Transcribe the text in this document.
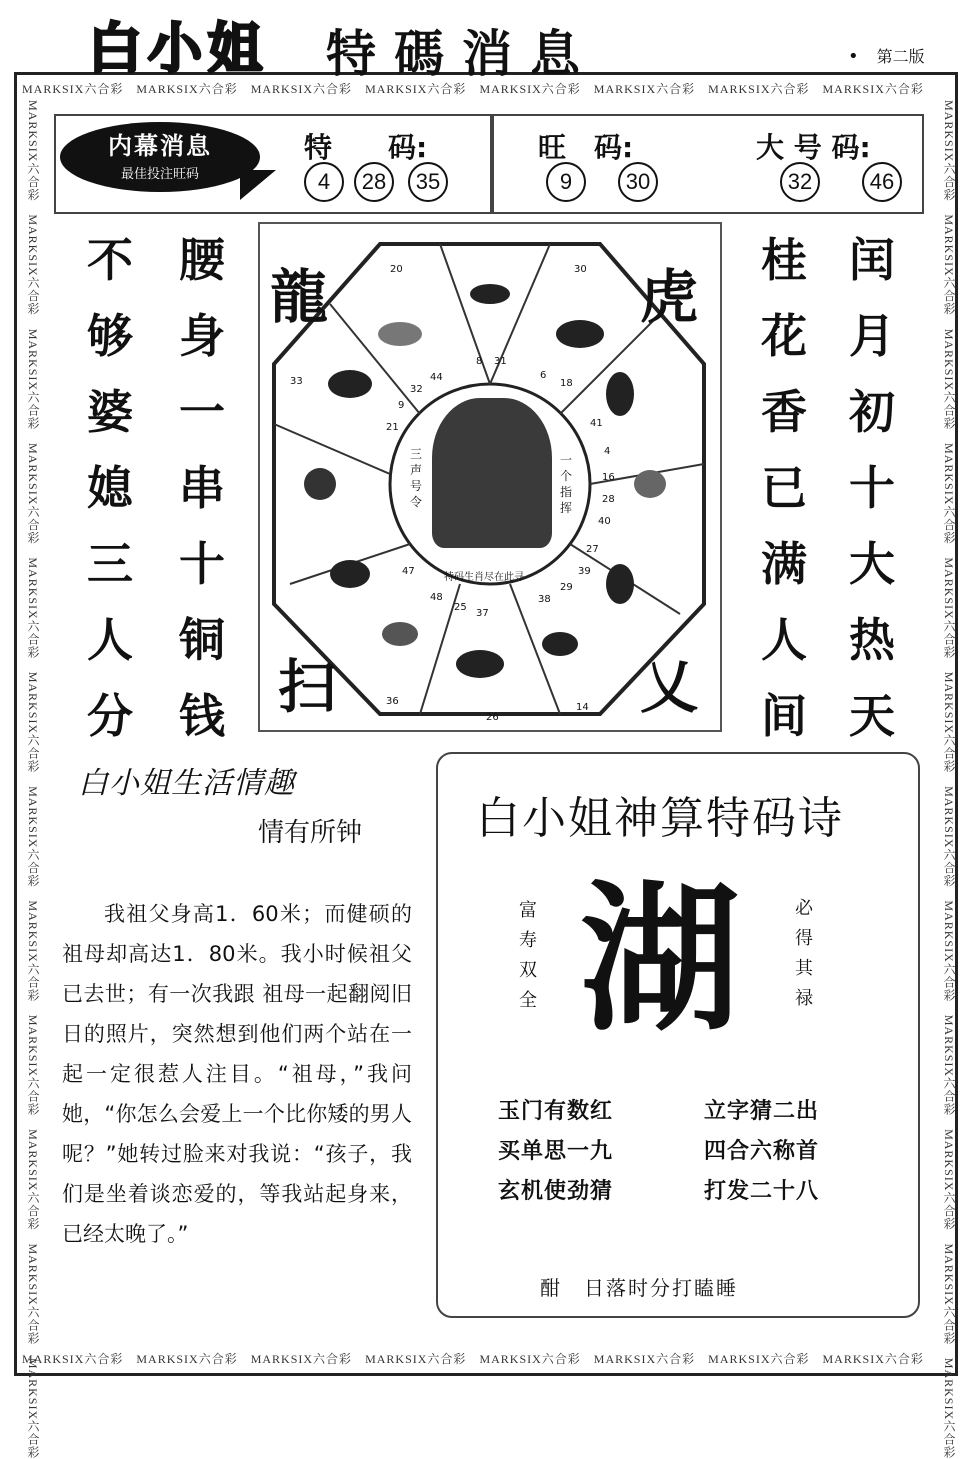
MARKSIX六合彩　 MARKSIX六合彩　 MARKSIX六合彩　 MARKSIX六合彩　 MARKSIX六合彩　 MARKSIX六合彩　 MARKSIX六合彩　 MARKSIX六合彩
MARKSIX六合彩　 MARKSIX六合彩　 MARKSIX六合彩　 MARKSIX六合彩　 MARKSIX六合彩　 MARKSIX六合彩　 MARKSIX六合彩　 MARKSIX六合彩
MARKSIX六合彩　MARKSIX六合彩　MARKSIX六合彩　MARKSIX六合彩　MARKSIX六合彩　MARKSIX六合彩　MARKSIX六合彩　MARKSIX六合彩　MARKSIX六合彩　MARKSIX六合彩　MARKSIX六合彩　MARKSIX六合彩
MARKSIX六合彩　MARKSIX六合彩　MARKSIX六合彩　MARKSIX六合彩　MARKSIX六合彩　MARKSIX六合彩　MARKSIX六合彩　MARKSIX六合彩　MARKSIX六合彩　MARKSIX六合彩　MARKSIX六合彩　MARKSIX六合彩
白小姐 特碼消息	• 第二版
内幕消息
最佳投注旺码
特　　码:
4	28	35
旺　码:
9	30
大 号 码:
32	46
不
够
婆
媳
三
人
分
腰
身
一
串
十
铜
钱
桂
花
香
已
满
人
间
闰
月
初
十
大
热
天
龍	虎
扫	乂
三声号令
一个指挥
特码生肖尽在此寻
20
44
8 31
30
6
33
32
9
21
18
41
4
16
28
40
27
39
47
48
25
37
38
29
14
36
26
白小姐生活情趣
情有所钟

我祖父身高1．60米；而健硕的祖母却高达1．80米。我小时候祖父已去世；有一次我跟 祖母一起翻阅旧日的照片，突然想到他们两个站在一起一定很惹人注目。“祖母，”我问她，“你怎么会爱上一个比你矮的男人呢？”她转过脸来对我说：“孩子，我们是坐着谈恋爱的，等我站起身来，已经太晚了。”

白小姐神算特码诗
湖
富寿双全
必得其禄
玉门有数红
买单思一九
玄机使劲猜
立字猜二出
四合六称首
打发二十八
酣　日落时分打瞌睡
